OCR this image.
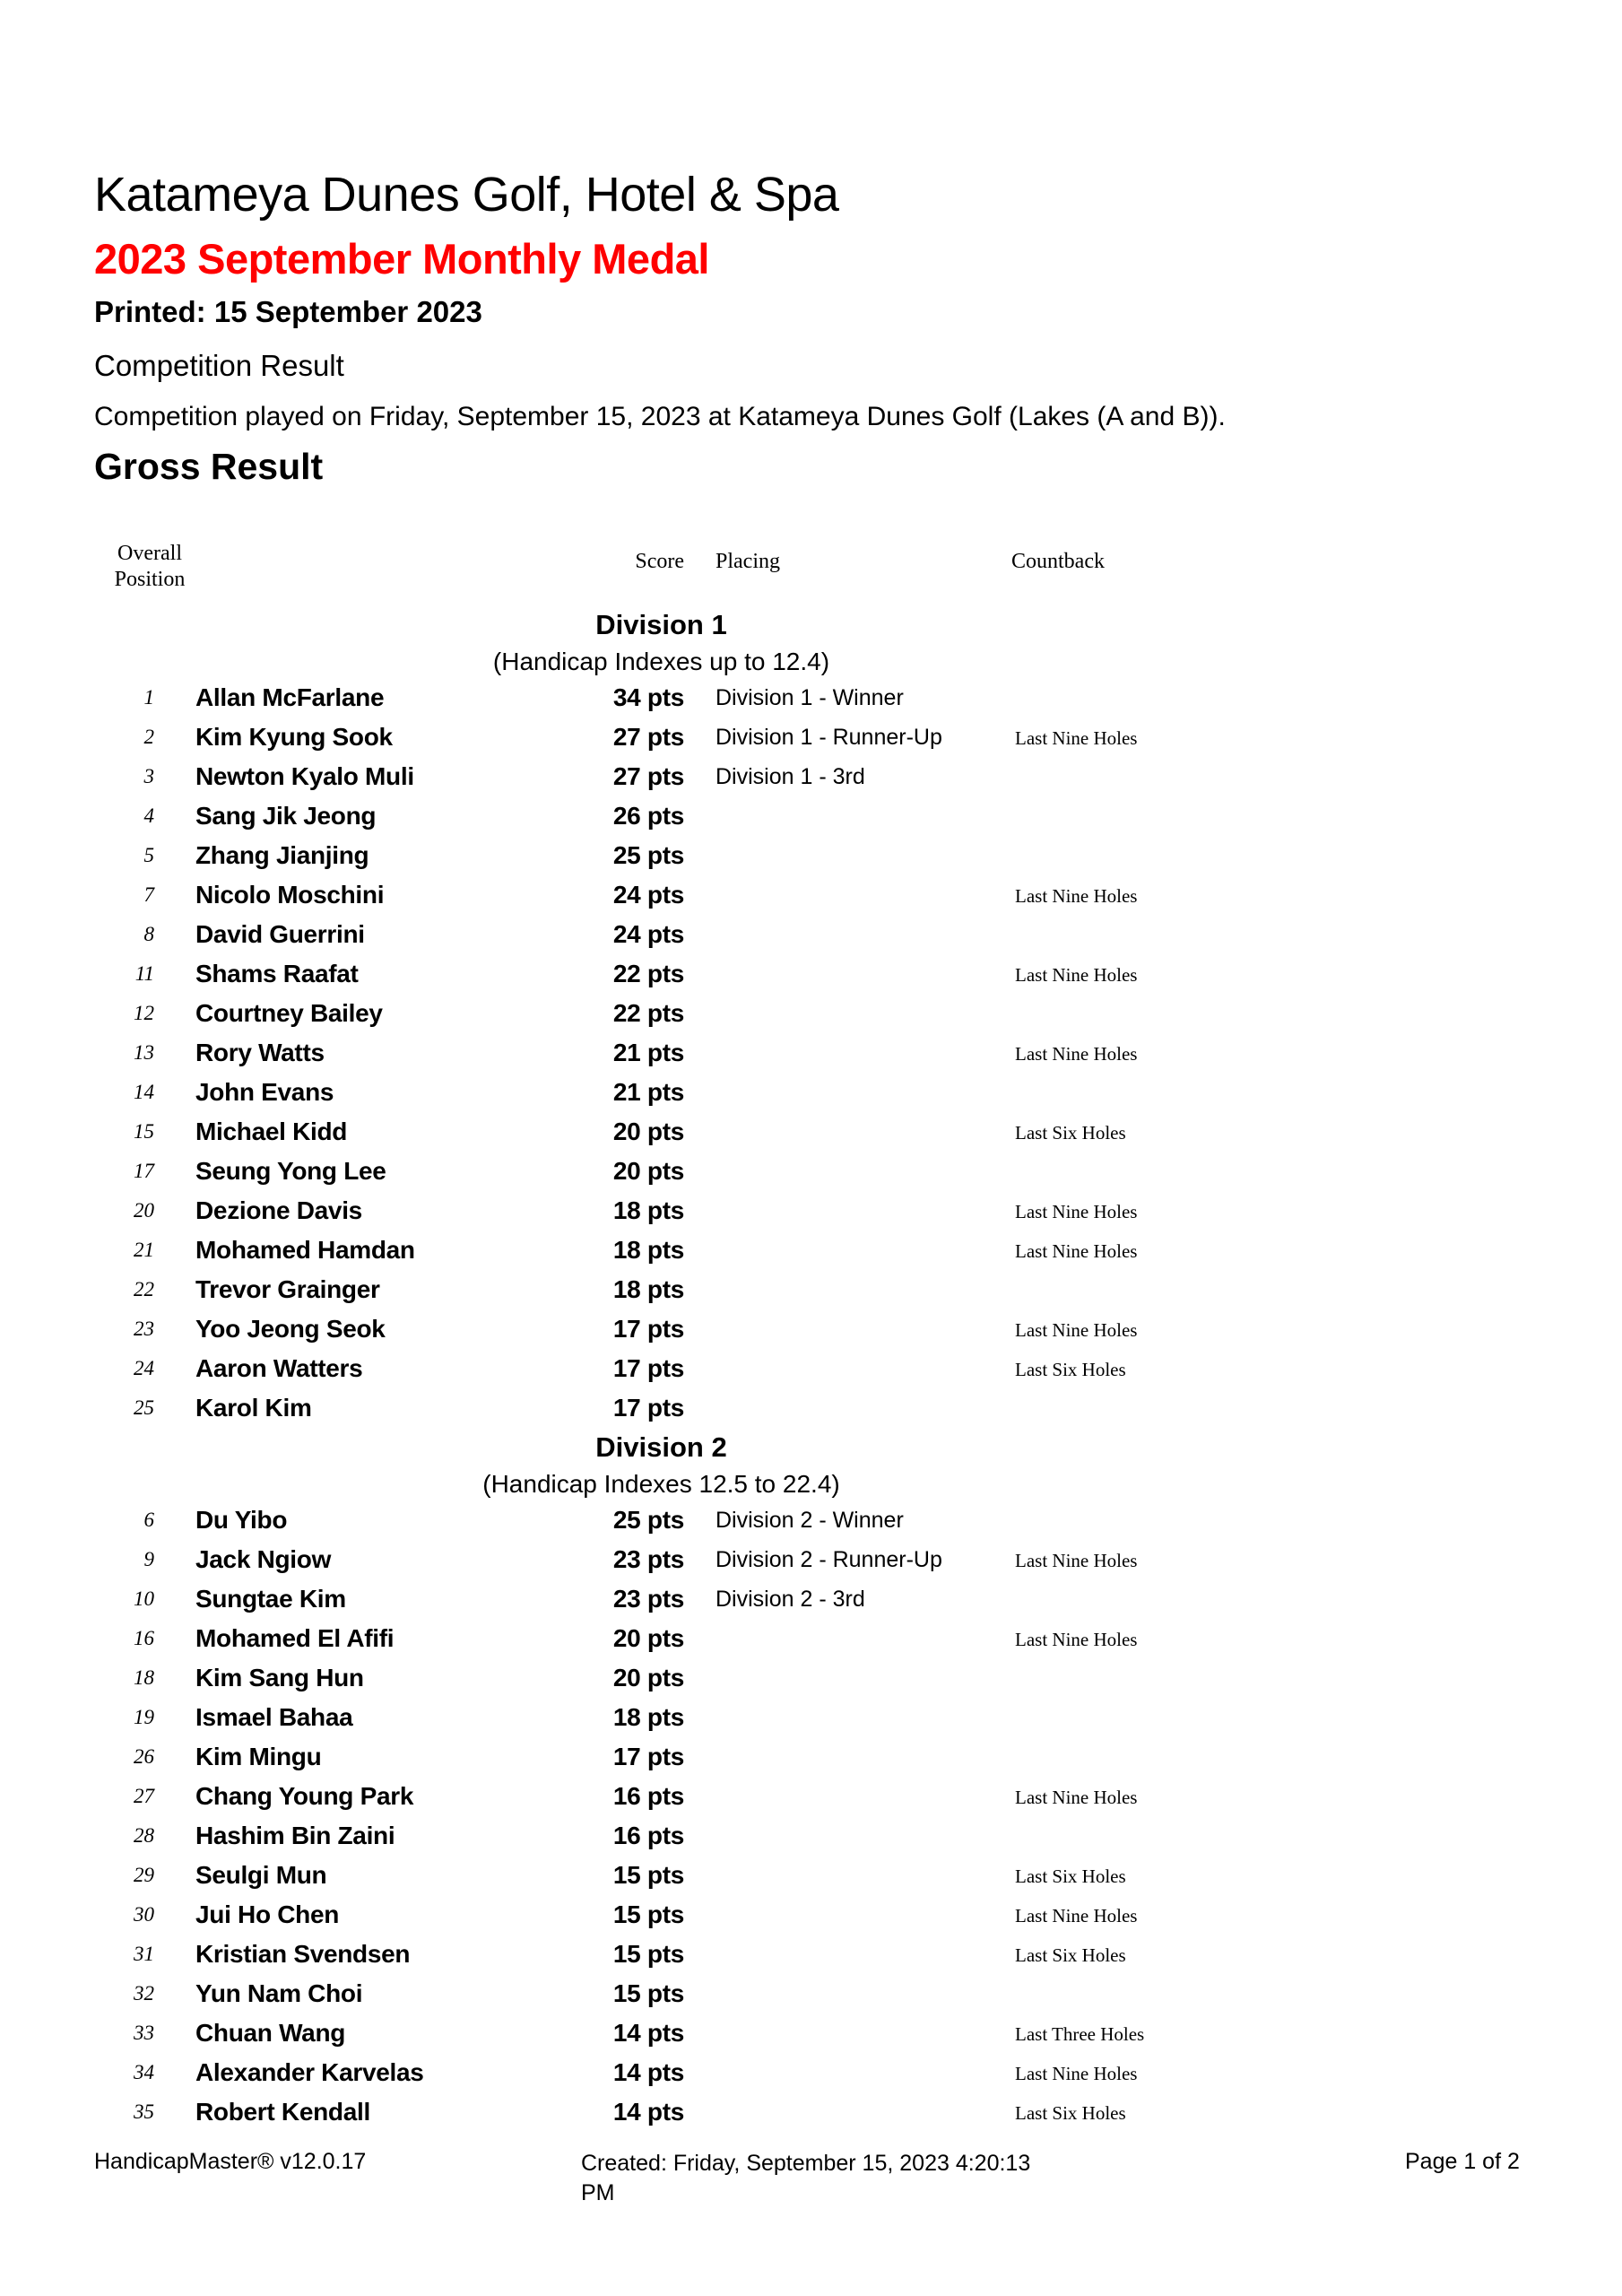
Katameya Dunes Golf, Hotel & Spa
2023 September Monthly Medal
Printed: 15 September 2023
Competition Result
Competition played on Friday, September 15, 2023 at Katameya Dunes Golf (Lakes (A and B)).
Gross Result
Overall
Position
Score Placing	Countback
Division 1
(Handicap Indexes up to 12.4)
1 Allan McFarlane	34 pts Division 1 - Winner
2 Kim Kyung Sook	27 pts Division 1 - Runner-Up	Last Nine Holes
3 Newton Kyalo Muli	27 pts Division 1 - 3rd
4 Sang Jik Jeong	26 pts
5 Zhang Jianjing	25 pts
7 Nicolo Moschini	24 pts	Last Nine Holes
8 David Guerrini	24 pts
11 Shams Raafat	22 pts	Last Nine Holes
12 Courtney Bailey	22 pts
13 Rory Watts	21 pts	Last Nine Holes
14 John Evans	21 pts
15 Michael Kidd	20 pts	Last Six Holes
17 Seung Yong Lee	20 pts
20 Dezione Davis	18 pts	Last Nine Holes
21 Mohamed Hamdan	18 pts	Last Nine Holes
22 Trevor Grainger	18 pts
23 Yoo Jeong Seok	17 pts	Last Nine Holes
24 Aaron Watters	17 pts	Last Six Holes
25 Karol Kim	17 pts
Division 2
(Handicap Indexes 12.5 to 22.4)
6 Du Yibo	25 pts Division 2 - Winner
9 Jack Ngiow	23 pts Division 2 - Runner-Up	Last Nine Holes
10 Sungtae Kim	23 pts Division 2 - 3rd
16 Mohamed El Afifi	20 pts	Last Nine Holes
18 Kim Sang Hun	20 pts
19 Ismael Bahaa	18 pts
26 Kim Mingu	17 pts
27 Chang Young Park	16 pts	Last Nine Holes
28 Hashim Bin Zaini	16 pts
29 Seulgi Mun	15 pts	Last Six Holes
30 Jui Ho Chen	15 pts	Last Nine Holes
31 Kristian Svendsen	15 pts	Last Six Holes
32 Yun Nam Choi	15 pts
33 Chuan Wang	14 pts	Last Three Holes
34 Alexander Karvelas	14 pts	Last Nine Holes
35 Robert Kendall	14 pts	Last Six Holes
HandicapMaster® v12.0.17	Created: Friday, September 15, 2023 4:20:13
PM
Page 1 of 2
